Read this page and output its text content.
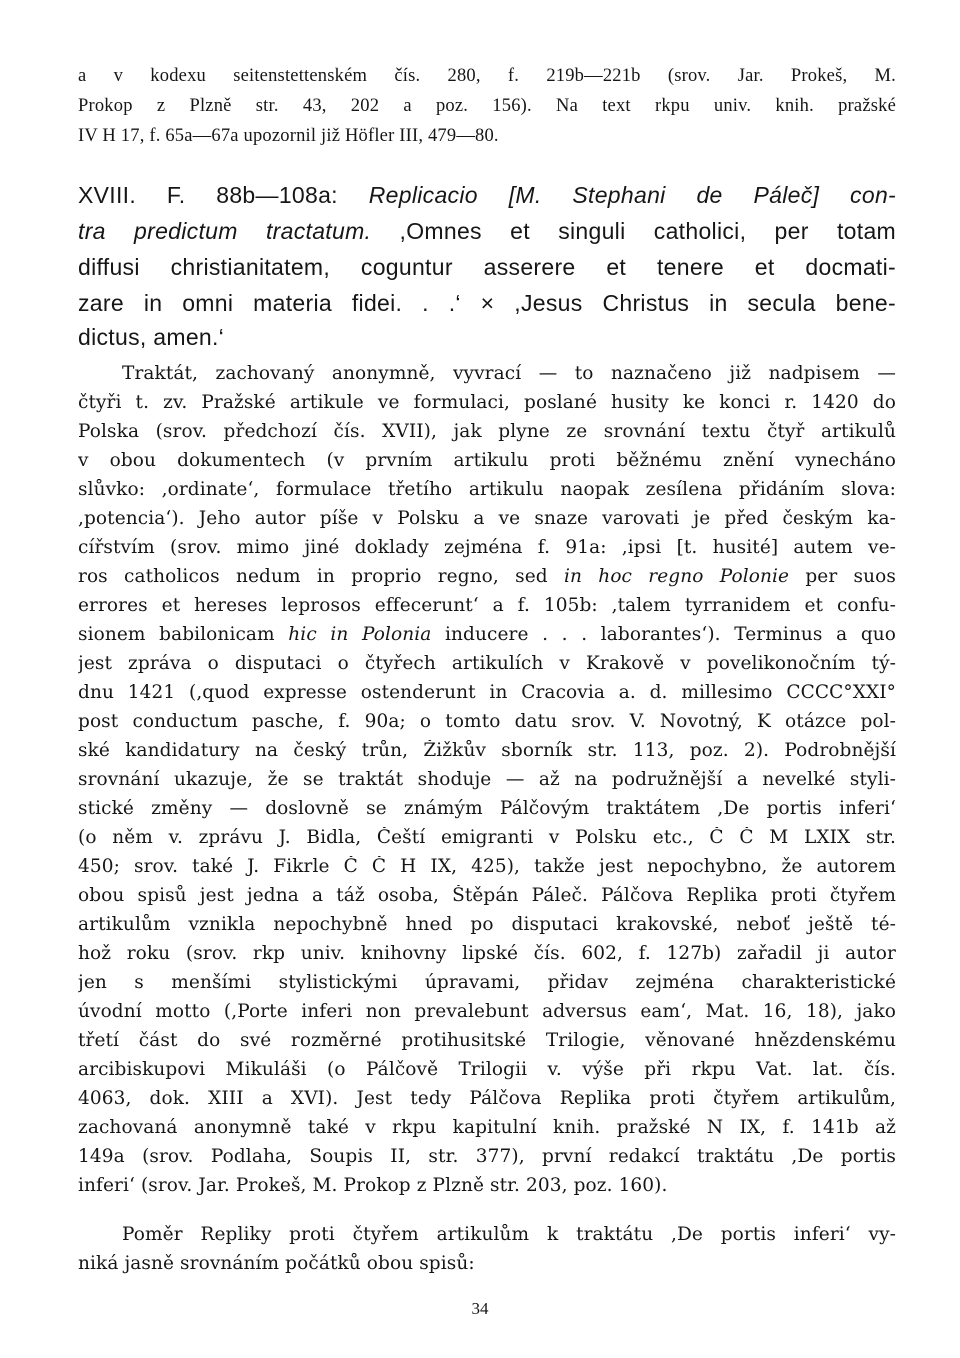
a v kodexu seitenstettenském čís. 280, f. 219b—221b (srov. Jar. Prokeš, M.

Prokop z Plzně str. 43, 202 a poz. 156). Na text rkpu univ. knih. pražské

IV H 17, f. 65a—67a upozornil již Höfler III, 479—80.

XVIII. F. 88b—108a: Replicacio [M. Stephani de Páleč] con-

tra predictum tractatum. ,Omnes et singuli catholici, per totam

diffusi christianitatem, coguntur asserere et tenere et docmati-

zare in omni materia fidei. . .‘ × ,Jesus Christus in secula bene-

dictus, amen.‘

Traktát, zachovaný anonymně, vyvrací — to naznačeno již nadpisem —

čtyři t. zv. Pražské artikule ve formulaci, poslané husity ke konci r. 1420 do

Polska (srov. předchozí čís. XVII), jak plyne ze srovnání textu čtyř artikulů

v obou dokumentech (v prvním artikulu proti běžnému znění vynecháno

slůvko: ,ordinate‘, formulace třetího artikulu naopak zesílena přidáním slova:

,potencia‘). Jeho autor píše v Polsku a ve snaze varovati je před českým ka-

cířstvím (srov. mimo jiné doklady zejména f. 91a: ,ipsi [t. husité] autem ve-

ros catholicos nedum in proprio regno, sed in hoc regno Polonie per suos

errores et hereses leprosos effecerunt‘ a f. 105b: ,talem tyrranidem et confu-

sionem babilonicam hic in Polonia inducere . . . laborantes‘). Terminus a quo

jest zpráva o disputaci o čtyřech artikulích v Krakově v povelikonočním tý-

dnu 1421 (,quod expresse ostenderunt in Cracovia a. d. millesimo CCCC°XXI°

post conductum pasche, f. 90a; o tomto datu srov. V. Novotný, K otázce pol-

ské kandidatury na český trůn, Žižkův sborník str. 113, poz. 2). Podrobnější

srovnání ukazuje, že se traktát shoduje — až na podružnější a nevelké styli-

stické změny — doslovně se známým Pálčovým traktátem ,De portis inferi‘

(o něm v. zprávu J. Bidla, Čeští emigranti v Polsku etc., Č Č M LXIX str.

450; srov. také J. Fikrle Č Č H IX, 425), takže jest nepochybno, že autorem

obou spisů jest jedna a táž osoba, Štěpán Páleč. Pálčova Replika proti čtyřem

artikulům vznikla nepochybně hned po disputaci krakovské, neboť ještě té-

hož roku (srov. rkp univ. knihovny lipské čís. 602, f. 127b) zařadil ji autor

jen s menšími stylistickými úpravami, přidav zejména charakteristické

úvodní motto (,Porte inferi non prevalebunt adversus eam‘, Mat. 16, 18), jako

třetí část do své rozměrné protihusitské Trilogie, věnované hnězdenskému

arcibiskupovi Mikuláši (o Pálčově Trilogii v. výše při rkpu Vat. lat. čís.

4063, dok. XIII a XVI). Jest tedy Pálčova Replika proti čtyřem artikulům,

zachovaná anonymně také v rkpu kapitulní knih. pražské N IX, f. 141b až

149a (srov. Podlaha, Soupis II, str. 377), první redakcí traktátu ,De portis

inferi‘ (srov. Jar. Prokeš, M. Prokop z Plzně str. 203, poz. 160).

Poměr Repliky proti čtyřem artikulům k traktátu ,De portis inferi‘ vy-

niká jasně srovnáním počátků obou spisů:

34
